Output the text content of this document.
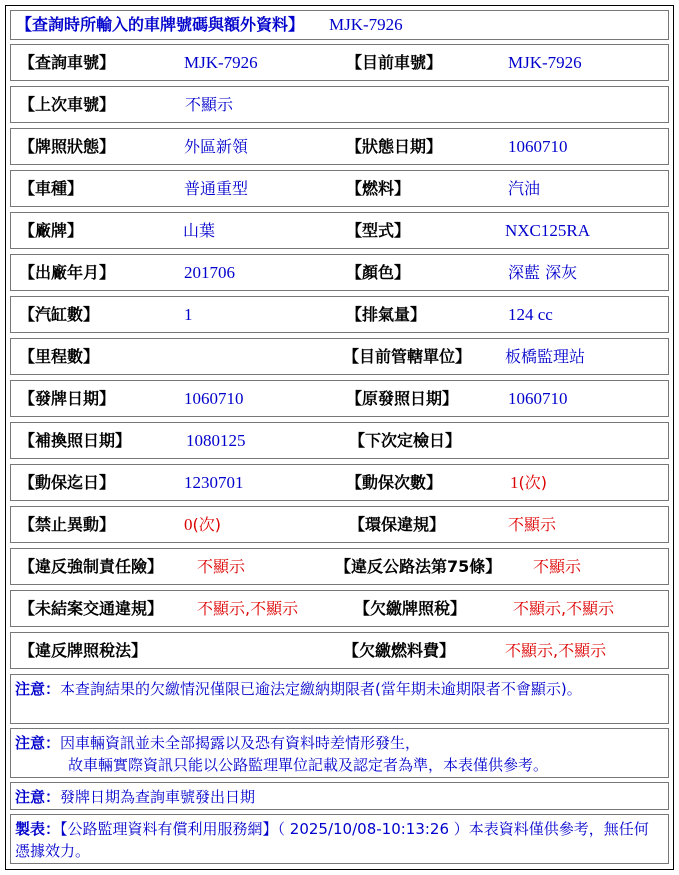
【查詢時所輸入的車牌號碼與額外資料】 MJK-7926
【查詢車號】	MJK-7926	【目前車號】	MJK-7926
【上次車號】	不顯示
【牌照狀態】	外區新領	【狀態日期】	1060710
【車種】	普通重型	【燃料】	汽油
【廠牌】	山葉	【型式】	NXC125RA
【出廠年月】	201706	【顏色】	深藍 深灰
【汽缸數】	1	【排氣量】	124 cc
【里程數】	【目前管轄單位】 板橋監理站
【發牌日期】	1060710	【原發照日期】	1060710
【補換照日期】	1080125	【下次定檢日】
【動保迄日】	1230701	【動保次數】	1(次)
【禁止異動】	0(次)	【環保違規】	不顯示
【違反強制責任險】 不顯示	【違反公路法第75條】 不顯示
【未結案交通違規】 不顯示,不顯示	【欠繳牌照稅】	不顯示,不顯示
【違反牌照稅法】	【欠繳燃料費】	不顯示,不顯示
注意：本查詢結果的欠繳情況僅限已逾法定繳納期限者(當年期未逾期限者不會顯示)。
注意：因車輛資訊並未全部揭露以及恐有資料時差情形發生，
故車輛實際資訊只能以公路監理單位記載及認定者為準，本表僅供參考。
注意：發牌日期為查詢車號發出日期
製表：【公路監理資料有償利用服務網】（ 2025/10/08-10:13:26 ）本表資料僅供參考，無任何憑據效力。
